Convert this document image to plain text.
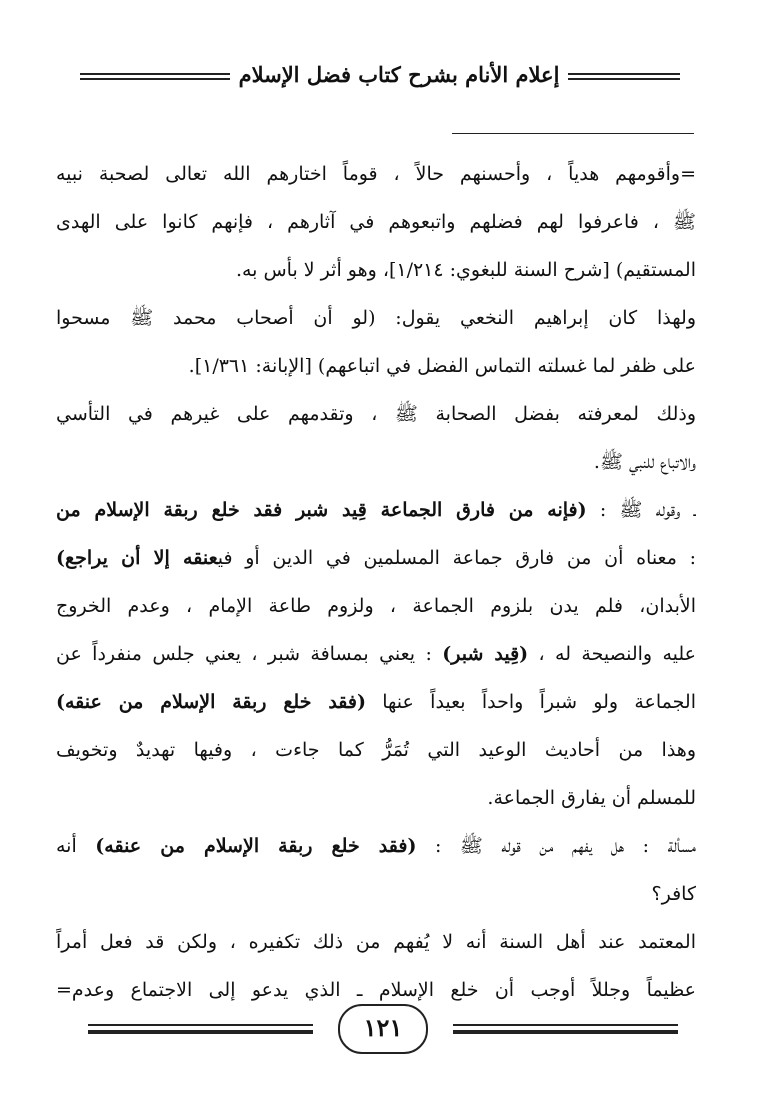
إعلام الأنام بشرح كتاب فضل الإسلام
=وأقومهم هدياً ، وأحسنهم حالاً ، قوماً اختارهم الله تعالى لصحبة نبيه
ﷺ ، فاعرفوا لهم فضلهم واتبعوهم في آثارهم ، فإنهم كانوا على الهدى
المستقيم) [شرح السنة للبغوي: ١/٢١٤]، وهو أثر لا بأس به.
ولهذا كان إبراهيم النخعي يقول: (لو أن أصحاب محمد ﷺ مسحوا
على ظفر لما غسلته التماس الفضل في اتباعهم) [الإبانة: ١/٣٦١].
وذلك لمعرفته بفضل الصحابة ﷺ ، وتقدمهم على غيرهم في التأسي
والاتباع للنبي ﷺ.
ـ وقوله ﷺ : (فإنه من فارق الجماعة قِيد شبر فقد خلع ربقة الإسلام من
: معناه أن من فارق جماعة المسلمين في الدين أو فيعنقه إلا أن يراجع)
الأبدان، فلم يدن بلزوم الجماعة ، ولزوم طاعة الإمام ، وعدم الخروج
عليه والنصيحة له ، (قِيد شبر) : يعني بمسافة شبر ، يعني جلس منفرداً عن
الجماعة ولو شبراً واحداً بعيداً عنها (فقد خلع ربقة الإسلام من عنقه)
وهذا من أحاديث الوعيد التي تُمَرُّ كما جاءت ، وفيها تهديدٌ وتخويف
للمسلم أن يفارق الجماعة.
مسألة : هل يفهم من قوله ﷺ : (فقد خلع ربقة الإسلام من عنقه) أنه
كافر؟
المعتمد عند أهل السنة أنه لا يُفهم من ذلك تكفيره ، ولكن قد فعل أمراً
عظيماً وجللاً أوجب أن خلع الإسلام ـ الذي يدعو إلى الاجتماع وعدم=
١٢١
